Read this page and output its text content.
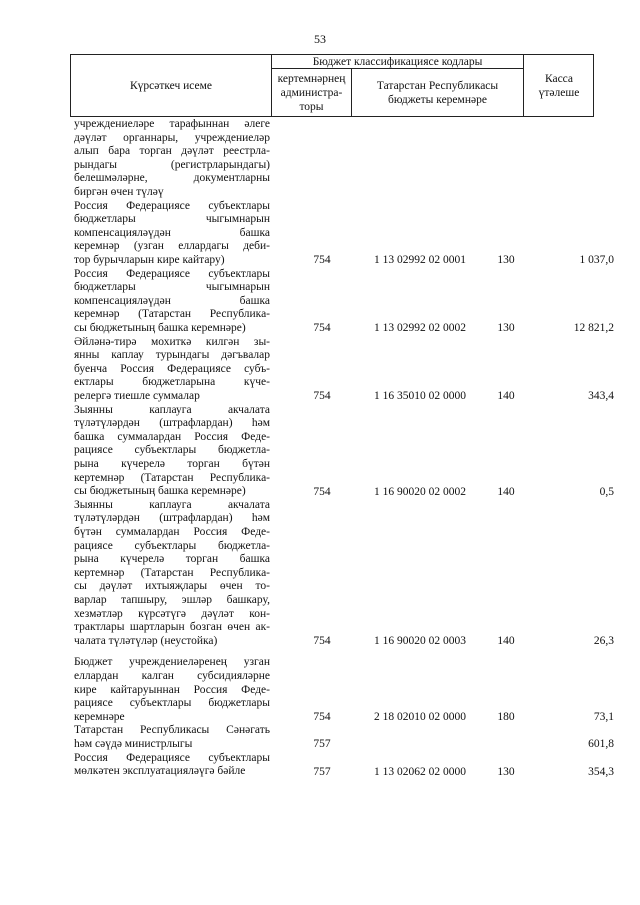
53
Күрсәткеч исеме
Бюджет классификациясе кодлары
кертемнәрнең
администра-
торы
Татарстан Республикасы
бюджеты керемнәре
Касса
үтәлеше
учреждениеләре тарафыннан әлеге
дәүләт органнары, учреждениеләр
алып бара торган дәүләт реестрла-
рындагы (регистрларындагы)
белешмәләрне, документларны
биргән өчен түләү
Россия Федерациясе субъектлары
бюджетлары чыгымнарын
компенсацияләүдән башка
керемнәр (узган еллардагы деби-
тор бурычларын кире кайтару)	754	1 13 02992 02 0001	130	1 037,0
Россия Федерациясе субъектлары
бюджетлары чыгымнарын
компенсацияләүдән башка
керемнәр (Татарстан Республика-
сы бюджетының башка керемнәре)	754	1 13 02992 02 0002	130	12 821,2
Әйләнә-тирә мохиткә килгән зы-
янны каплау турындагы дәгъвалар
буенча Россия Федерациясе субъ-
ектлары бюджетларына күче-
релергә тиешле суммалар	754	1 16 35010 02 0000	140	343,4
Зыянны каплауга акчалата
түләтүләрдән (штрафлардан) һәм
башка суммалардан Россия Феде-
рациясе субъектлары бюджетла-
рына күчерелә торган бүтән
кертемнәр (Татарстан Республика-
сы бюджетының башка керемнәре)	754	1 16 90020 02 0002	140	0,5
Зыянны каплауга акчалата
түләтүләрдән (штрафлардан) һәм
бүтән суммалардан Россия Феде-
рациясе субъектлары бюджетла-
рына күчерелә торган башка
кертемнәр (Татарстан Республика-
сы дәүләт ихтыяҗлары өчен то-
варлар тапшыру, эшләр башкару,
хезмәтләр күрсәтүгә дәүләт кон-
трактлары шартларын бозган өчен ак-
чалата түләтүләр (неустойка)	754	1 16 90020 02 0003	140	26,3
Бюджет учреждениеләренең узган
еллардан калган субсидияләрне
кире кайтаруыннан Россия Феде-
рациясе субъектлары бюджетлары
керемнәре	754	2 18 02010 02 0000	180	73,1
Татарстан Республикасы Сәнәгать
һәм сәүдә министрлыгы	757	601,8
Россия Федерациясе субъектлары
мөлкәтен эксплуатацияләүгә бәйле	757	1 13 02062 02 0000	130	354,3
